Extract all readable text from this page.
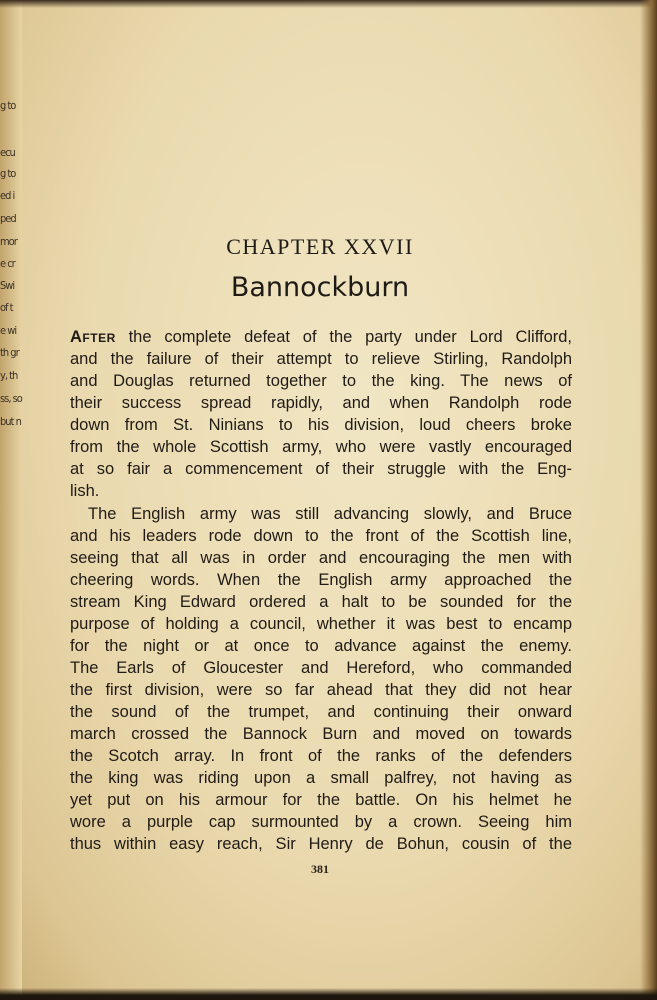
g to
ecu
g to
ed i
ped
mor
e cr
Swi
of t
e wi
th gr
y, th
ss, so
but n
CHAPTER XXVII
Bannockburn
After the complete defeat of the party under Lord Clifford,
and the failure of their attempt to relieve Stirling, Randolph
and Douglas returned together to the king. The news of
their success spread rapidly, and when Randolph rode
down from St. Ninians to his division, loud cheers broke
from the whole Scottish army, who were vastly encouraged
at so fair a commencement of their struggle with the Eng-
lish.
The English army was still advancing slowly, and Bruce
and his leaders rode down to the front of the Scottish line,
seeing that all was in order and encouraging the men with
cheering words. When the English army approached the
stream King Edward ordered a halt to be sounded for the
purpose of holding a council, whether it was best to encamp
for the night or at once to advance against the enemy.
The Earls of Gloucester and Hereford, who commanded
the first division, were so far ahead that they did not hear
the sound of the trumpet, and continuing their onward
march crossed the Bannock Burn and moved on towards
the Scotch array. In front of the ranks of the defenders
the king was riding upon a small palfrey, not having as
yet put on his armour for the battle. On his helmet he
wore a purple cap surmounted by a crown. Seeing him
thus within easy reach, Sir Henry de Bohun, cousin of the
381
